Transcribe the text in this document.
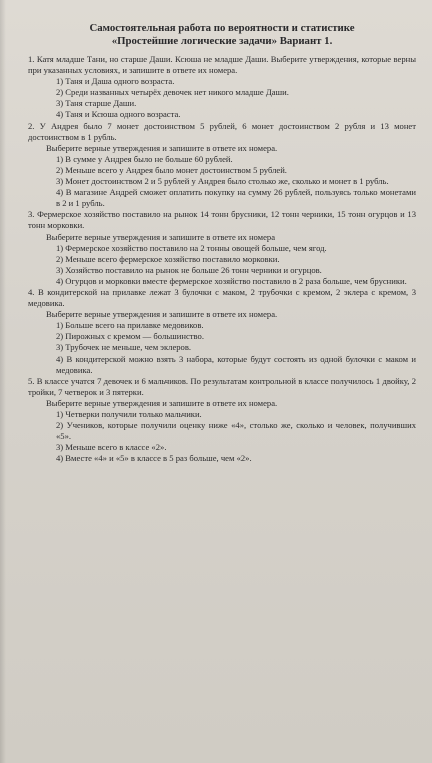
Самостоятельная работа по вероятности и статистике
«Простейшие логические задачи» Вариант 1.

1. Катя младше Тани, но старше Даши. Ксюша не младше Даши. Выберите утверждения, которые верны при указанных условиях, и запишите в ответе их номера.

1) Таня и Даша одного возраста.

2) Среди названных четырёх девочек нет никого младше Даши.

3) Таня старше Даши.

4) Таня и Ксюша одного возраста.

2. У Андрея было 7 монет достоинством 5 рублей, 6 монет достоинством 2 рубля и 13 монет достоинством в 1 рубль.

Выберите верные утверждения и запишите в ответе их номера.

1) В сумме у Андрея было не больше 60 рублей.

2) Меньше всего у Андрея было монет достоинством 5 рублей.

3) Монет достоинством 2 и 5 рублей у Андрея было столько же, сколько и монет в 1 рубль.

4) В магазине Андрей сможет оплатить покупку на сумму 26 рублей, пользуясь только монетами в 2 и 1 рубль.

3. Фермерское хозяйство поставило на рынок 14 тонн брусники, 12 тонн черники, 15 тонн огурцов и 13 тонн морковки.

Выберите верные утверждения и запишите в ответе их номера

1) Фермерское хозяйство поставило на 2 тонны овощей больше, чем ягод.

2) Меньше всего фермерское хозяйство поставило морковки.

3) Хозяйство поставило на рынок не больше 26 тонн черники и огурцов.

4) Огурцов и морковки вместе фермерское хозяйство поставило в 2 раза больше, чем брусники.

4. В кондитерской на прилавке лежат 3 булочки с маком, 2 трубочки с кремом, 2 эклера с кремом, 3 медовика.

Выберите верные утверждения и запишите в ответе их номера.

1) Больше всего на прилавке медовиков.

2) Пирожных с кремом — большинство.

3) Трубочек не меньше, чем эклеров.

4) В кондитерской можно взять 3 набора, которые будут состоять из одной булочки с маком и медовика.

5. В классе учатся 7 девочек и 6 мальчиков. По результатам контрольной в классе получилось 1 двойку, 2 тройки, 7 четверок и 3 пятерки.

Выберите верные утверждения и запишите в ответе их номера.

1) Четверки получили только мальчики.

2) Учеников, которые получили оценку ниже «4», столько же, сколько и человек, получивших «5».

3) Меньше всего в классе «2».

4) Вместе «4» и «5» в классе в 5 раз больше, чем «2».
